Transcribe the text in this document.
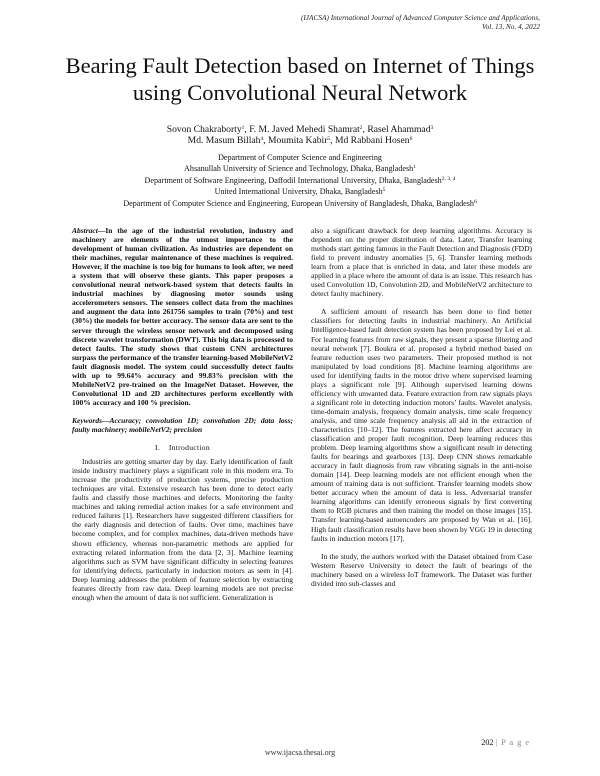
(IJACSA) International Journal of Advanced Computer Science and Applications,
Vol. 13, No. 4, 2022
Bearing Fault Detection based on Internet of Things
using Convolutional Neural Network
Sovon Chakraborty$^1$, F. M. Javed Mehedi Shamrat$^2$, Rasel Ahammad$^3$
Md. Masum Billah$^4$, Moumita Kabir$^5$, Md Rabbani Hosen$^6$
Department of Computer Science and Engineering
Ahsanullah University of Science and Technology, Dhaka, Bangladesh$^1$
Department of Software Engineering, Daffodil International University, Dhaka, Bangladesh$^{2, 3, 4}$
United International University, Dhaka, Bangladesh$^5$
Department of Computer Science and Engineering, European University of Bangladesh, Dhaka, Bangladesh$^6$

Abstract—In the age of the industrial revolution, industry and machinery are elements of the utmost importance to the development of human civilization. As industries are dependent on their machines, regular maintenance of these machines is required. However, if the machine is too big for humans to look after, we need a system that will observe these giants. This paper proposes a convolutional neural network-based system that detects faults in industrial machines by diagnosing motor sounds using accelerometers sensors. The sensors collect data from the machines and augment the data into 261756 samples to train (70%) and test (30%) the models for better accuracy. The sensor data are sent to the server through the wireless sensor network and decomposed using discrete wavelet transformation (DWT). This big data is processed to detect faults. The study shows that custom CNN architectures surpass the performance of the transfer learning-based MobileNetV2 fault diagnosis model. The system could successfully detect faults with up to 99.64% accuracy and 99.83% precision with the MobileNetV2 pre-trained on the ImageNet Dataset. However, the Convolutional 1D and 2D architectures perform excellently with 100% accuracy and 100 % precision.

Keywords—Accuracy; convolution 1D; convolution 2D; data loss; faulty machinery; mobileNetV2; precision

I. Introduction

Industries are getting smarter day by day. Early identification of fault inside industry machinery plays a significant role in this modern era. To increase the productivity of production systems, precise production techniques are vital. Extensive research has been done to detect early faults and classify those machines and defects. Monitoring the faulty machines and taking remedial action makes for a safe environment and reduced failures [1]. Researchers have suggested different classifiers for the early diagnosis and detection of faults. Over time, machines have become complex, and for complex machines, data-driven methods have shown efficiency, whereas non-parametric methods are applied for extracting related information from the data [2, 3]. Machine learning algorithms such as SVM have significant difficulty in selecting features for identifying defects, particularly in induction motors as seen in [4]. Deep learning addresses the problem of feature selection by extracting features directly from raw data. Deep learning models are not precise enough when the amount of data is not sufficient. Generalization is

also a significant drawback for deep learning algorithms. Accuracy is dependent on the proper distribution of data. Later, Transfer learning methods start getting famous in the Fault Detection and Diagnosis (FDD) field to prevent industry anomalies [5, 6]. Transfer learning methods learn from a place that is enriched in data, and later these models are applied in a place where the amount of data is an issue. This research has used Convolution 1D, Convolution 2D, and MobileNetV2 architecture to detect faulty machinery.

A sufficient amount of research has been done to find better classifiers for detecting faults in industrial machinery. An Artificial Intelligence-based fault detection system has been proposed by Lei et al. For learning features from raw signals, they present a sparse filtering and neural network [7]. Boukra et al. proposed a hybrid method based on feature reduction uses two parameters. Their proposed method is not manipulated by load conditions [8]. Machine learning algorithms are used for identifying faults in the motor drive where supervised learning plays a significant role [9]. Although supervised learning downs efficiency with unwanted data. Feature extraction from raw signals plays a significant role in detecting induction motors’ faults. Wavelet analysis, time-domain analysis, frequency domain analysis, time scale frequency analysis, and time scale frequency analysis all aid in the extraction of characteristics [10–12]. The features extracted here affect accuracy in classification and proper fault recognition. Deep learning reduces this problem. Deep learning algorithms show a significant result in detecting faults for bearings and gearboxes [13]. Deep CNN shows remarkable accuracy in fault diagnosis from raw vibrating signals in the anti-noise domain [14]. Deep learning models are not efficient enough when the amount of training data is not sufficient. Transfer learning models show better accuracy when the amount of data is less. Adversarial transfer learning algorithms can identify erroneous signals by first converting them to RGB pictures and then training the model on those images [15]. Transfer learning-based autoencoders are proposed by Wan et al. [16]. High fault classification results have been shown by VGG 19 in detecting faults in induction motors [17].

In the study, the authors worked with the Dataset obtained from Case Western Reserve University to detect the fault of bearings of the machinery based on a wireless IoT framework. The Dataset was further divided into sub-classes and

202 | P a g e
www.ijacsa.thesai.org
